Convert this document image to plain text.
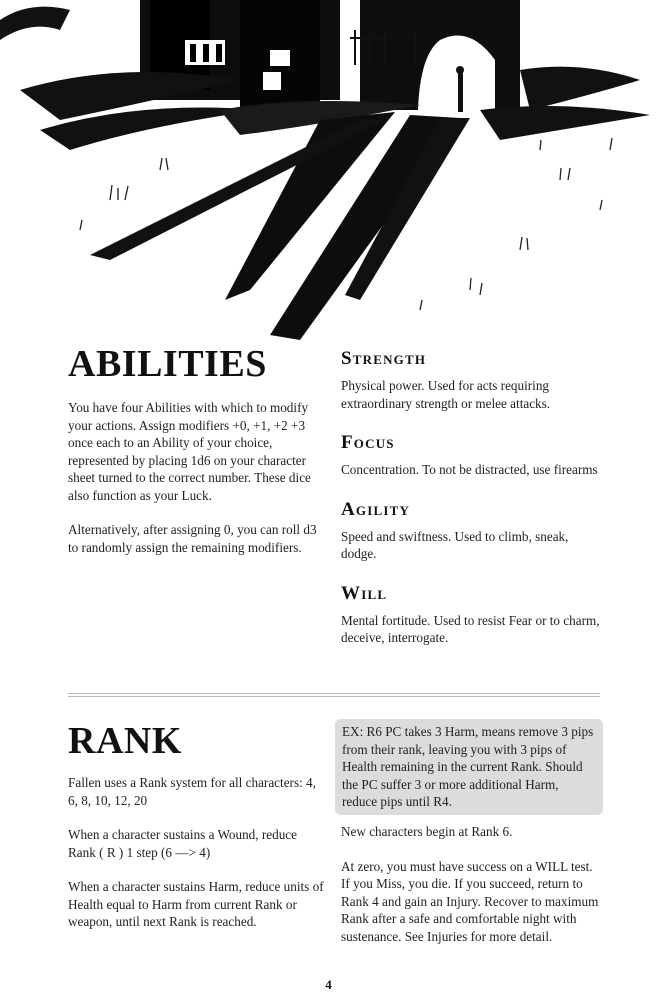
ABILITIES

You have four Abilities with which to modify your actions. Assign modifiers +0, +1, +2 +3 once each to an Ability of your choice, represented by placing 1d6 on your character sheet turned to the correct number. These dice also function as your Luck.

Alternatively, after assigning 0, you can roll d3 to randomly assign the remaining modifiers.

Strength

Physical power. Used for acts requiring extraordinary strength or melee attacks.

Focus

Concentration. To not be distracted, use firearms

Agility

Speed and swiftness. Used to climb, sneak, dodge.

Will

Mental fortitude. Used to resist Fear or to charm, deceive, interrogate.

RANK

Fallen uses a Rank system for all characters: 4, 6, 8, 10, 12, 20

When a character sustains a Wound, reduce Rank ( R ) 1 step (6 —> 4)

When a character sustains Harm, reduce units of Health equal to Harm from current Rank or weapon, until next Rank is reached.

EX: R6 PC takes 3 Harm, means remove 3 pips from their rank, leaving you with 3 pips of Health remaining in the current Rank. Should the PC suffer 3 or more additional Harm, reduce pips until R4.

New characters begin at Rank 6.

At zero, you must have success on a WILL test. If you Miss, you die. If you succeed, return to Rank 4 and gain an Injury. Recover to maximum Rank after a safe and comfortable night with sustenance. See Injuries for more detail.

4
